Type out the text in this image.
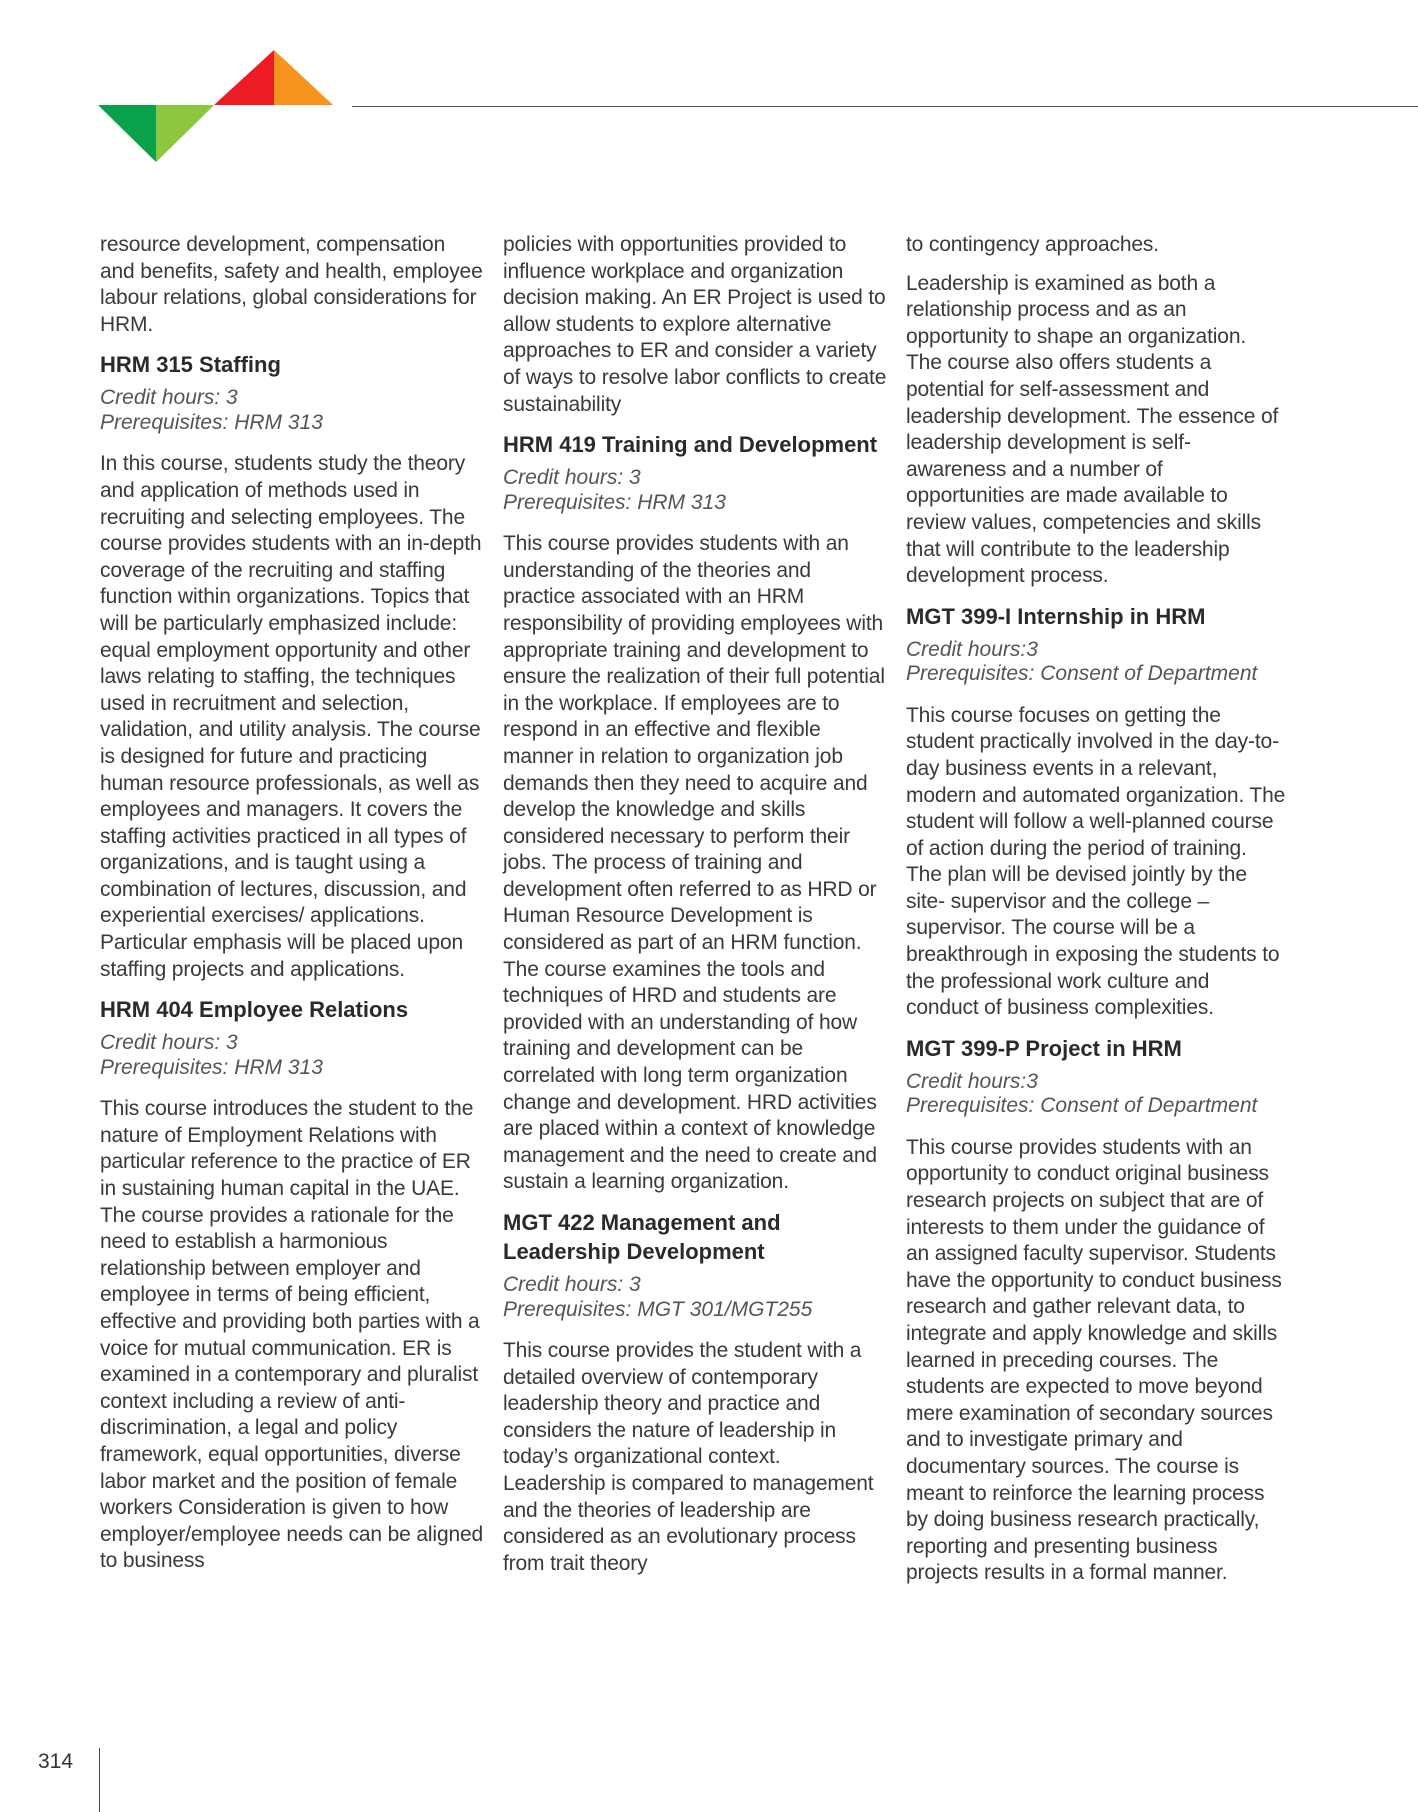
resource development, compensation and benefits, safety and health, employee labour relations, global considerations for HRM.

HRM 315 Staffing
Credit hours: 3
Prerequisites: HRM 313

In this course, students study the theory and application of methods used in recruiting and selecting employees. The course provides students with an in-depth coverage of the recruiting and staffing function within organizations. Topics that will be particularly emphasized include: equal employment opportunity and other laws relating to staffing, the techniques used in recruitment and selection, validation, and utility analysis. The course is designed for future and practicing human resource professionals, as well as employees and managers. It covers the staffing activities practiced in all types of organizations, and is taught using a combination of lectures, discussion, and experiential exercises/ applications. Particular emphasis will be placed upon staffing projects and applications.

HRM 404 Employee Relations
Credit hours: 3
Prerequisites: HRM 313

This course introduces the student to the nature of Employment Relations with particular reference to the practice of ER in sustaining human capital in the UAE. The course provides a rationale for the need to establish a harmonious relationship between employer and employee in terms of being efficient, effective and providing both parties with a voice for mutual communication. ER is examined in a contemporary and pluralist context including a review of anti-discrimination, a legal and policy framework, equal opportunities, diverse labor market and the position of female workers Consideration is given to how employer/employee needs can be aligned to business

policies with opportunities provided to influence workplace and organization decision making. An ER Project is used to allow students to explore alternative approaches to ER and consider a variety of ways to resolve labor conflicts to create sustainability

HRM 419 Training and Development
Credit hours: 3
Prerequisites: HRM 313

This course provides students with an understanding of the theories and practice associated with an HRM responsibility of providing employees with appropriate training and development to ensure the realization of their full potential in the workplace. If employees are to respond in an effective and flexible manner in relation to organization job demands then they need to acquire and develop the knowledge and skills considered necessary to perform their jobs. The process of training and development often referred to as HRD or Human Resource Development is considered as part of an HRM function. The course examines the tools and techniques of HRD and students are provided with an understanding of how training and development can be correlated with long term organization change and development. HRD activities are placed within a context of knowledge management and the need to create and sustain a learning organization.

MGT 422 Management and Leadership Development
Credit hours: 3
Prerequisites: MGT 301/MGT255

This course provides the student with a detailed overview of contemporary leadership theory and practice and considers the nature of leadership in today’s organizational context. Leadership is compared to management and the theories of leadership are considered as an evolutionary process from trait theory

to contingency approaches.

Leadership is examined as both a relationship process and as an opportunity to shape an organization. The course also offers students a potential for self-assessment and leadership development. The essence of leadership development is self-awareness and a number of opportunities are made available to review values, competencies and skills that will contribute to the leadership development process.

MGT 399-I Internship in HRM
Credit hours:3
Prerequisites: Consent of Department

This course focuses on getting the student practically involved in the day-to-day business events in a relevant, modern and automated organization. The student will follow a well-planned course of action during the period of training. The plan will be devised jointly by the site- supervisor and the college –supervisor. The course will be a breakthrough in exposing the students to the professional work culture and conduct of business complexities.

MGT 399-P Project in HRM
Credit hours:3
Prerequisites: Consent of Department

This course provides students with an opportunity to conduct original business research projects on subject that are of interests to them under the guidance of an assigned faculty supervisor. Students have the opportunity to conduct business research and gather relevant data, to integrate and apply knowledge and skills learned in preceding courses. The students are expected to move beyond mere examination of secondary sources and to investigate primary and documentary sources. The course is meant to reinforce the learning process by doing business research practically, reporting and presenting business projects results in a formal manner.

314
